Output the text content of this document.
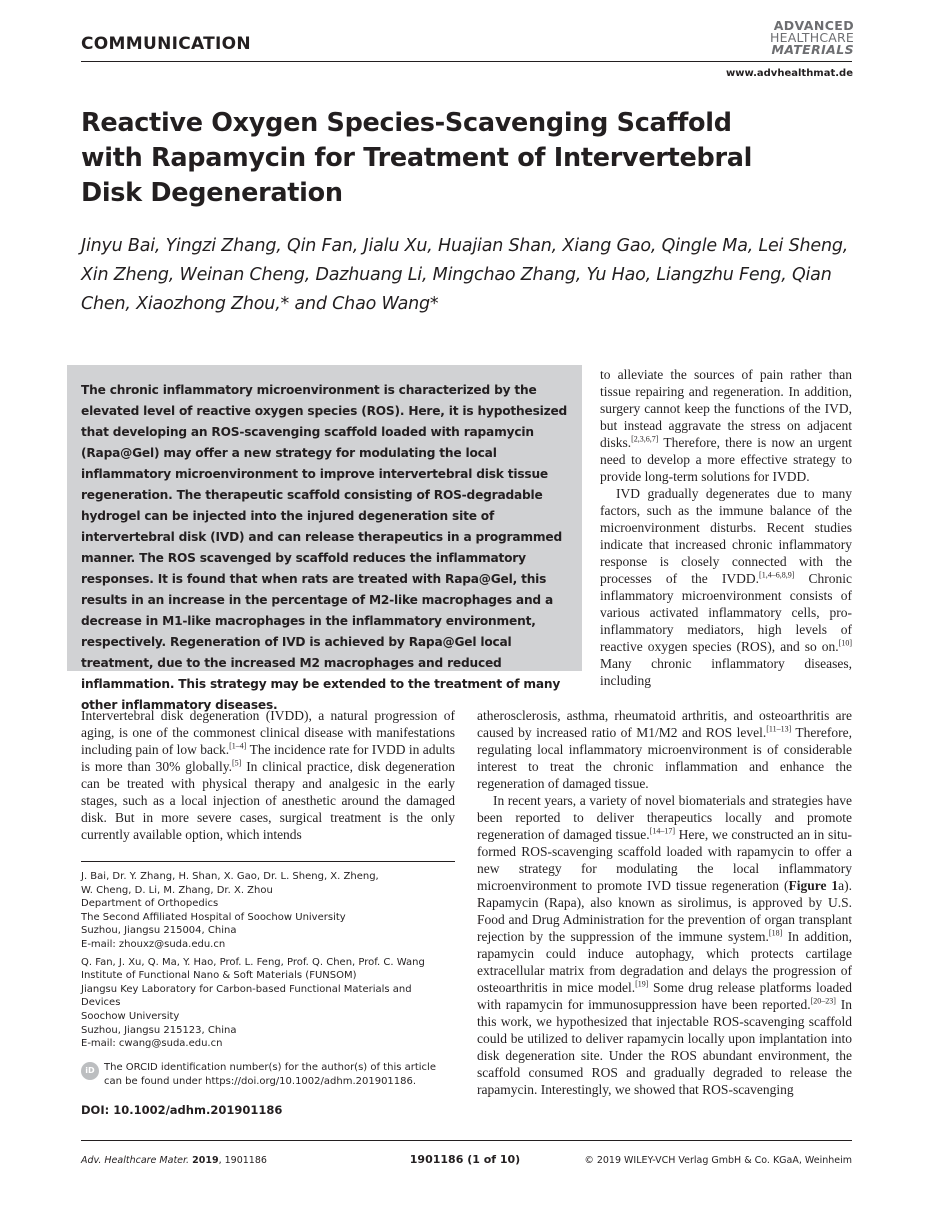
COMMUNICATION
ADVANCED
HEALTHCARE
MATERIALS
www.advhealthmat.de
Reactive Oxygen Species-Scavenging Scaffold with Rapamycin for Treatment of Intervertebral Disk Degeneration
Jinyu Bai, Yingzi Zhang, Qin Fan, Jialu Xu, Huajian Shan, Xiang Gao, Qingle Ma, Lei Sheng, Xin Zheng, Weinan Cheng, Dazhuang Li, Mingchao Zhang, Yu Hao, Liangzhu Feng, Qian Chen, Xiaozhong Zhou,* and Chao Wang*
The chronic inflammatory microenvironment is characterized by the elevated level of reactive oxygen species (ROS). Here, it is hypothesized that developing an ROS-scavenging scaffold loaded with rapamycin (Rapa@Gel) may offer a new strategy for modulating the local inflammatory microenvironment to improve intervertebral disk tissue regeneration. The therapeutic scaffold consisting of ROS-degradable hydrogel can be injected into the injured degeneration site of intervertebral disk (IVD) and can release therapeutics in a programmed manner. The ROS scavenged by scaffold reduces the inflammatory responses. It is found that when rats are treated with Rapa@Gel, this results in an increase in the percentage of M2-like macrophages and a decrease in M1-like macrophages in the inflammatory environment, respectively. Regeneration of IVD is achieved by Rapa@Gel local treatment, due to the increased M2 macrophages and reduced inflammation. This strategy may be extended to the treatment of many other inflammatory diseases.

to alleviate the sources of pain rather than tissue repairing and regeneration. In addition, surgery cannot keep the functions of the IVD, but instead aggravate the stress on adjacent disks.[2,3,6,7] Therefore, there is now an urgent need to develop a more effective strategy to provide long-term solutions for IVDD.

IVD gradually degenerates due to many factors, such as the immune balance of the microenvironment disturbs. Recent studies indicate that increased chronic inflammatory response is closely connected with the processes of the IVDD.[1,4–6,8,9] Chronic inflammatory microenvironment consists of various activated inflammatory cells, pro-inflammatory mediators, high levels of reactive oxygen species (ROS), and so on.[10] Many chronic inflammatory diseases, including

Intervertebral disk degeneration (IVDD), a natural progression of aging, is one of the commonest clinical disease with manifestations including pain of low back.[1–4] The incidence rate for IVDD in adults is more than 30% globally.[5] In clinical practice, disk degeneration can be treated with physical therapy and analgesic in the early stages, such as a local injection of anesthetic around the damaged disk. But in more severe cases, surgical treatment is the only currently available option, which intends

atherosclerosis, asthma, rheumatoid arthritis, and osteoarthritis are caused by increased ratio of M1/M2 and ROS level.[11–13] Therefore, regulating local inflammatory microenvironment is of considerable interest to treat the chronic inflammation and enhance the regeneration of damaged tissue.

In recent years, a variety of novel biomaterials and strategies have been reported to deliver therapeutics locally and promote regeneration of damaged tissue.[14–17] Here, we constructed an in situ-formed ROS-scavenging scaffold loaded with rapamycin to offer a new strategy for modulating the local inflammatory microenvironment to promote IVD tissue regeneration (Figure 1a). Rapamycin (Rapa), also known as sirolimus, is approved by U.S. Food and Drug Administration for the prevention of organ transplant rejection by the suppression of the immune system.[18] In addition, rapamycin could induce autophagy, which protects cartilage extracellular matrix from degradation and delays the progression of osteoarthritis in mice model.[19] Some drug release platforms loaded with rapamycin for immunosuppression have been reported.[20–23] In this work, we hypothesized that injectable ROS-scavenging scaffold could be utilized to deliver rapamycin locally upon implantation into disk degeneration site. Under the ROS abundant environment, the scaffold consumed ROS and gradually degraded to release the rapamycin. Interestingly, we showed that ROS-scavenging

J. Bai, Dr. Y. Zhang, H. Shan, X. Gao, Dr. L. Sheng, X. Zheng,
W. Cheng, D. Li, M. Zhang, Dr. X. Zhou
Department of Orthopedics
The Second Affiliated Hospital of Soochow University
Suzhou, Jiangsu 215004, China
E-mail: zhouxz@suda.edu.cn
Q. Fan, J. Xu, Q. Ma, Y. Hao, Prof. L. Feng, Prof. Q. Chen, Prof. C. Wang
Institute of Functional Nano & Soft Materials (FUNSOM)
Jiangsu Key Laboratory for Carbon-based Functional Materials and
Devices
Soochow University
Suzhou, Jiangsu 215123, China
E-mail: cwang@suda.edu.cn
iD The ORCID identification number(s) for the author(s) of this article
can be found under https://doi.org/10.1002/adhm.201901186.
DOI: 10.1002/adhm.201901186
Adv. Healthcare Mater. 2019, 1901186	1901186 (1 of 10)	© 2019 WILEY-VCH Verlag GmbH & Co. KGaA, Weinheim
